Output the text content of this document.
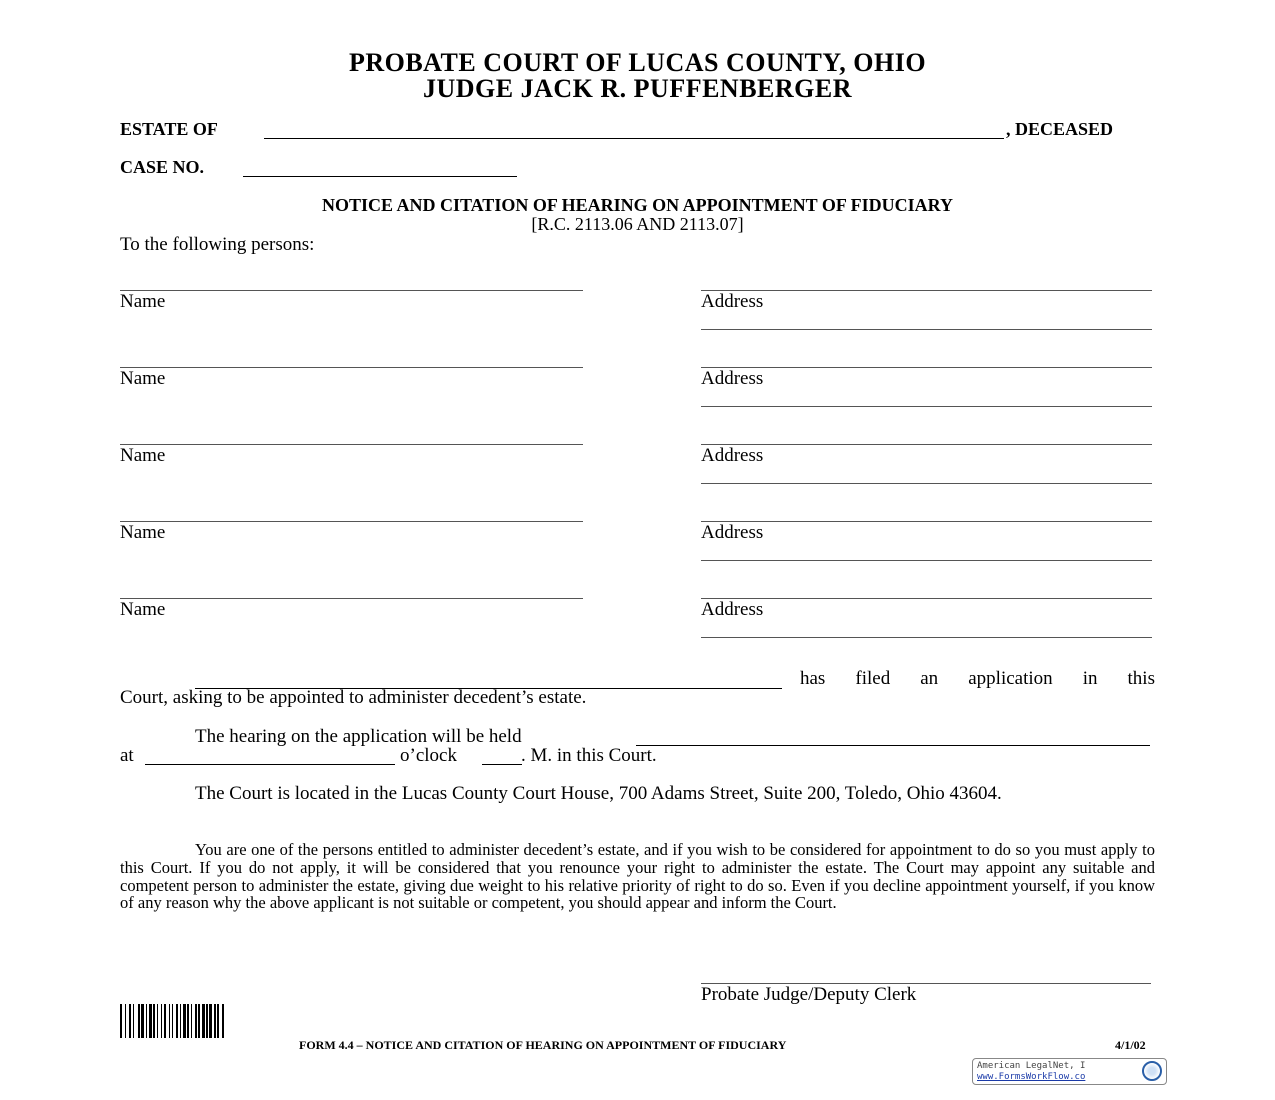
PROBATE COURT OF LUCAS COUNTY, OHIO
JUDGE JACK R. PUFFENBERGER
ESTATE OF	, DECEASED
CASE NO.
NOTICE AND CITATION OF HEARING ON APPOINTMENT OF FIDUCIARY
[R.C. 2113.06 AND 2113.07]
To the following persons:
Name	Address
Name	Address
Name	Address
Name	Address
Name	Address
has filed an application in this
Court, asking to be appointed to administer decedent’s estate.
The hearing on the application will be held
at	o’clock	. M. in this Court.
The Court is located in the Lucas County Court House, 700 Adams Street, Suite 200, Toledo, Ohio 43604.
You are one of the persons entitled to administer decedent’s estate, and if you wish to be considered for appointment to do so you must apply to this Court. If you do not apply, it will be considered that you renounce your right to administer the estate. The Court may appoint any suitable and competent person to administer the estate, giving due weight to his relative priority of right to do so. Even if you decline appointment yourself, if you know of any reason why the above applicant is not suitable or competent, you should appear and inform the Court.
Probate Judge/Deputy Clerk
FORM 4.4 – NOTICE AND CITATION OF HEARING ON APPOINTMENT OF FIDUCIARY	4/1/02
American LegalNet, I
www.FormsWorkFlow.co
